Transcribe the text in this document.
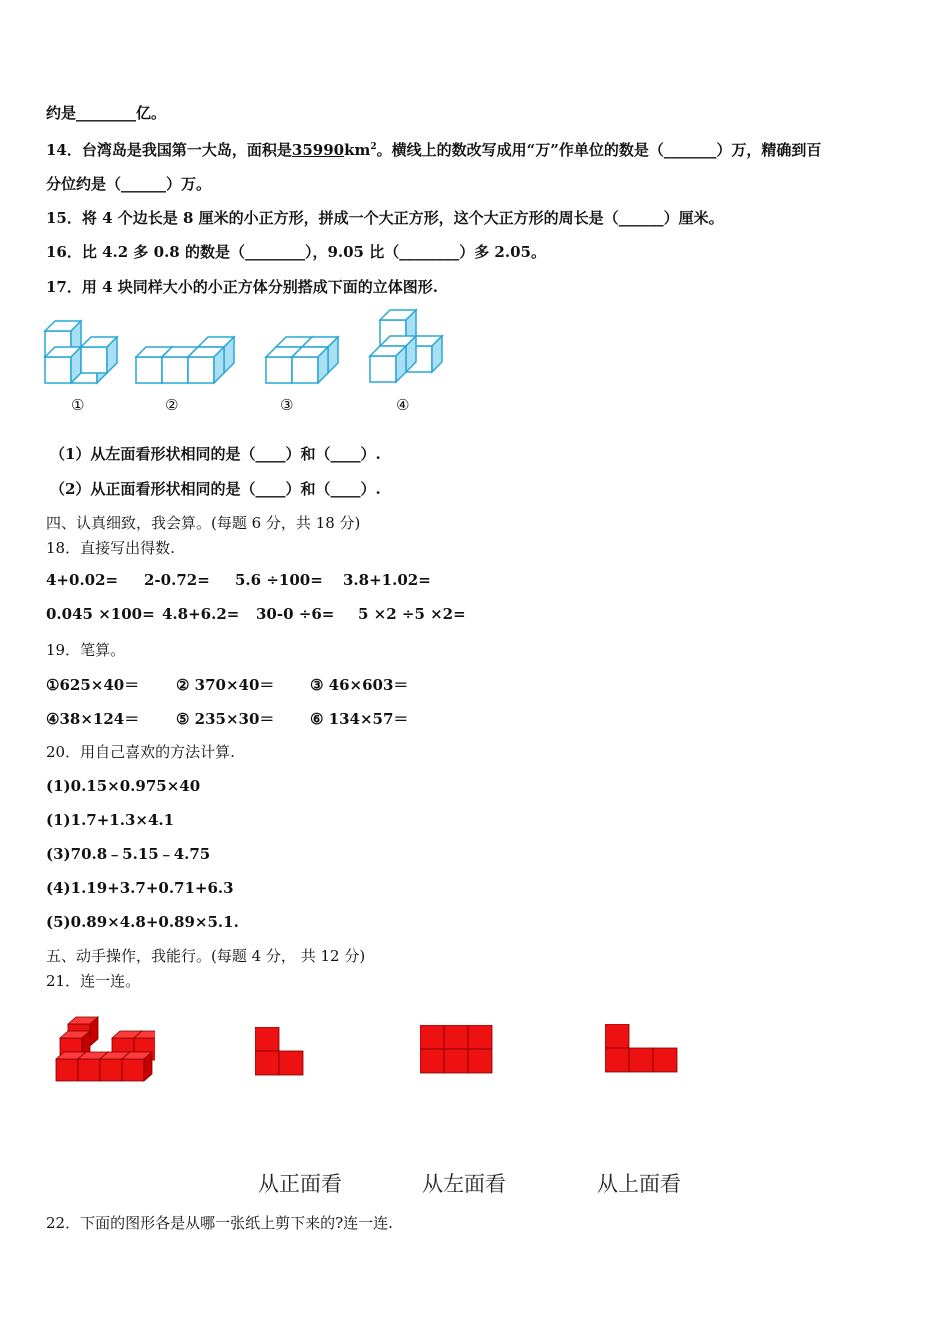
约是________亿。
14．台湾岛是我国第一大岛，面积是$35990km^2$。横线上的数改写成用“万”作单位的数是（_______）万，精确到百
分位约是（______）万。
15．将 4 个边长是 8 厘米的小正方形，拼成一个大正方形，这个大正方形的周长是（______）厘米。
16．比 4.2 多 0.8 的数是（________），9.05 比（________）多 2.05。
17．用 4 块同样大小的小正方体分别搭成下面的立体图形.
①	②	③	④
（1）从左面看形状相同的是（____）和（____）.
（2）从正面看形状相同的是（____）和（____）.
四、认真细致，我会算。(每题 6 分，共 18 分)
18．直接写出得数.
4+0.02= 2-0.72= 5.6 ÷100= 3.8+1.02=
0.045 ×100= 4.8+6.2= 30-0 ÷6= 5 ×2 ÷5 ×2=
19．笔算。
①625×40＝ ② 370×40＝ ③ 46×603＝
④38×124＝ ⑤ 235×30＝ ⑥ 134×57＝
20．用自己喜欢的方法计算.
(1)0.15×0.975×40
(1)1.7+1.3×4.1
(3)70.8﹣5.15﹣4.75
(4)1.19+3.7+0.71+6.3
(5)0.89×4.8+0.89×5.1.
五、动手操作，我能行。(每题 4 分， 共 12 分)
21．连一连。
从正面看	从左面看	从上面看
22．下面的图形各是从哪一张纸上剪下来的?连一连.
